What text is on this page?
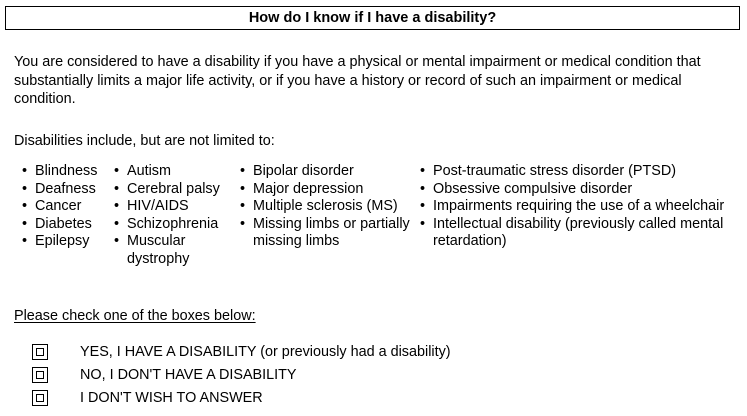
How do I know if I have a disability?
You are considered to have a disability if you have a physical or mental impairment or medical condition that substantially limits a major life activity, or if you have a history or record of such an impairment or medical condition.
Disabilities include, but are not limited to:
• Blindness
• Deafness
• Cancer
• Diabetes
• Epilepsy
• Autism
• Cerebral palsy
• HIV/AIDS
• Schizophrenia
• Muscular dystrophy
• Bipolar disorder
• Major depression
• Multiple sclerosis (MS)
• Missing limbs or partially missing limbs
• Post-traumatic stress disorder (PTSD)
• Obsessive compulsive disorder
• Impairments requiring the use of a wheelchair
• Intellectual disability (previously called mental retardation)
Please check one of the boxes below:
YES, I HAVE A DISABILITY (or previously had a disability)
NO, I DON'T HAVE A DISABILITY
I DON'T WISH TO ANSWER
